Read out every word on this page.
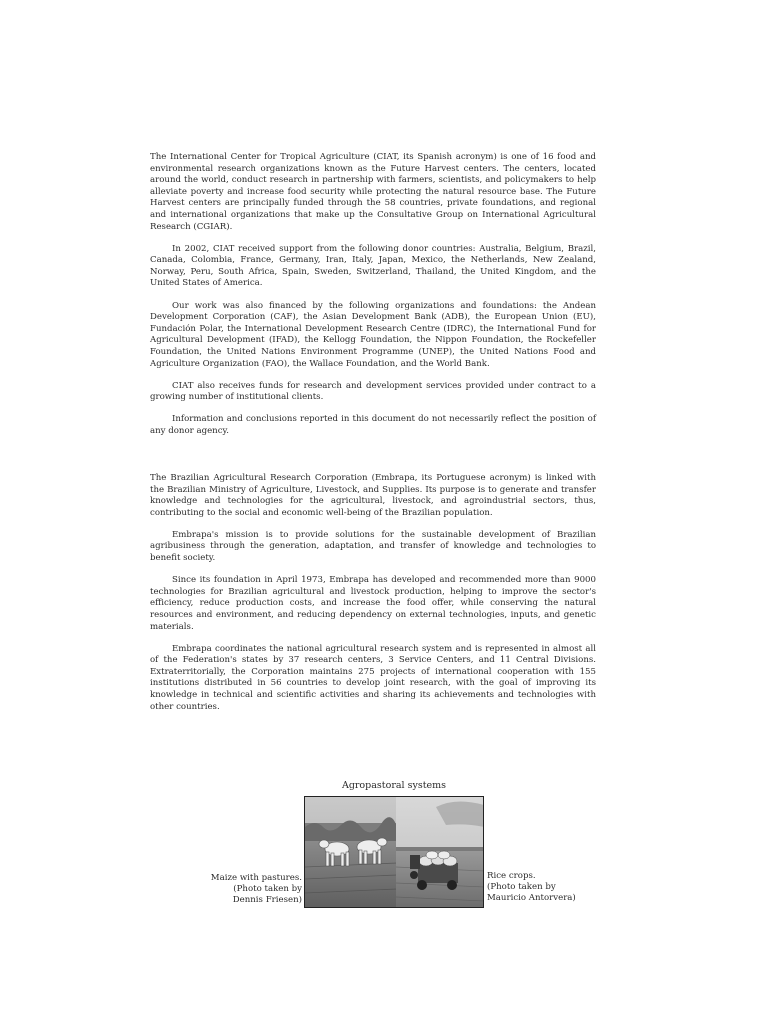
The International Center for Tropical Agriculture (CIAT, its Spanish acronym) is one of 16 food and environmental research organizations known as the Future Harvest centers. The centers, located around the world, conduct research in partnership with farmers, scientists, and policymakers to help alleviate poverty and increase food security while protecting the natural resource base. The Future Harvest centers are principally funded through the 58 countries, private foundations, and regional and international organizations that make up the Consultative Group on International Agricultural Research (CGIAR).

In 2002, CIAT received support from the following donor countries: Australia, Belgium, Brazil, Canada, Colombia, France, Germany, Iran, Italy, Japan, Mexico, the Netherlands, New Zealand, Norway, Peru, South Africa, Spain, Sweden, Switzerland, Thailand, the United Kingdom, and the United States of America.

Our work was also financed by the following organizations and foundations: the Andean Development Corporation (CAF), the Asian Development Bank (ADB), the European Union (EU), Fundación Polar, the International Development Research Centre (IDRC), the International Fund for Agricultural Development (IFAD), the Kellogg Foundation, the Nippon Foundation, the Rockefeller Foundation, the United Nations Environment Programme (UNEP), the United Nations Food and Agriculture Organization (FAO), the Wallace Foundation, and the World Bank.

CIAT also receives funds for research and development services provided under contract to a growing number of institutional clients.

Information and conclusions reported in this document do not necessarily reflect the position of any donor agency.

The Brazilian Agricultural Research Corporation (Embrapa, its Portuguese acronym) is linked with the Brazilian Ministry of Agriculture, Livestock, and Supplies. Its purpose is to generate and transfer knowledge and technologies for the agricultural, livestock, and agroindustrial sectors, thus, contributing to the social and economic well-being of the Brazilian population.

Embrapa's mission is to provide solutions for the sustainable development of Brazilian agribusiness through the generation, adaptation, and transfer of knowledge and technologies to benefit society.

Since its foundation in April 1973, Embrapa has developed and recommended more than 9000 technologies for Brazilian agricultural and livestock production, helping to improve the sector's efficiency, reduce production costs, and increase the food offer, while conserving the natural resources and environment, and reducing dependency on external technologies, inputs, and genetic materials.

Embrapa coordinates the national agricultural research system and is represented in almost all of the Federation's states by 37 research centers, 3 Service Centers, and 11 Central Divisions. Extraterritorially, the Corporation maintains 275 projects of international cooperation with 155 institutions distributed in 56 countries to develop joint research, with the goal of improving its knowledge in technical and scientific activities and sharing its achievements and technologies with other countries.

Agropastoral systems
Maize with pastures.
(Photo taken by
Dennis Friesen)
Rice crops.
(Photo taken by
Mauricio Antorvera)
